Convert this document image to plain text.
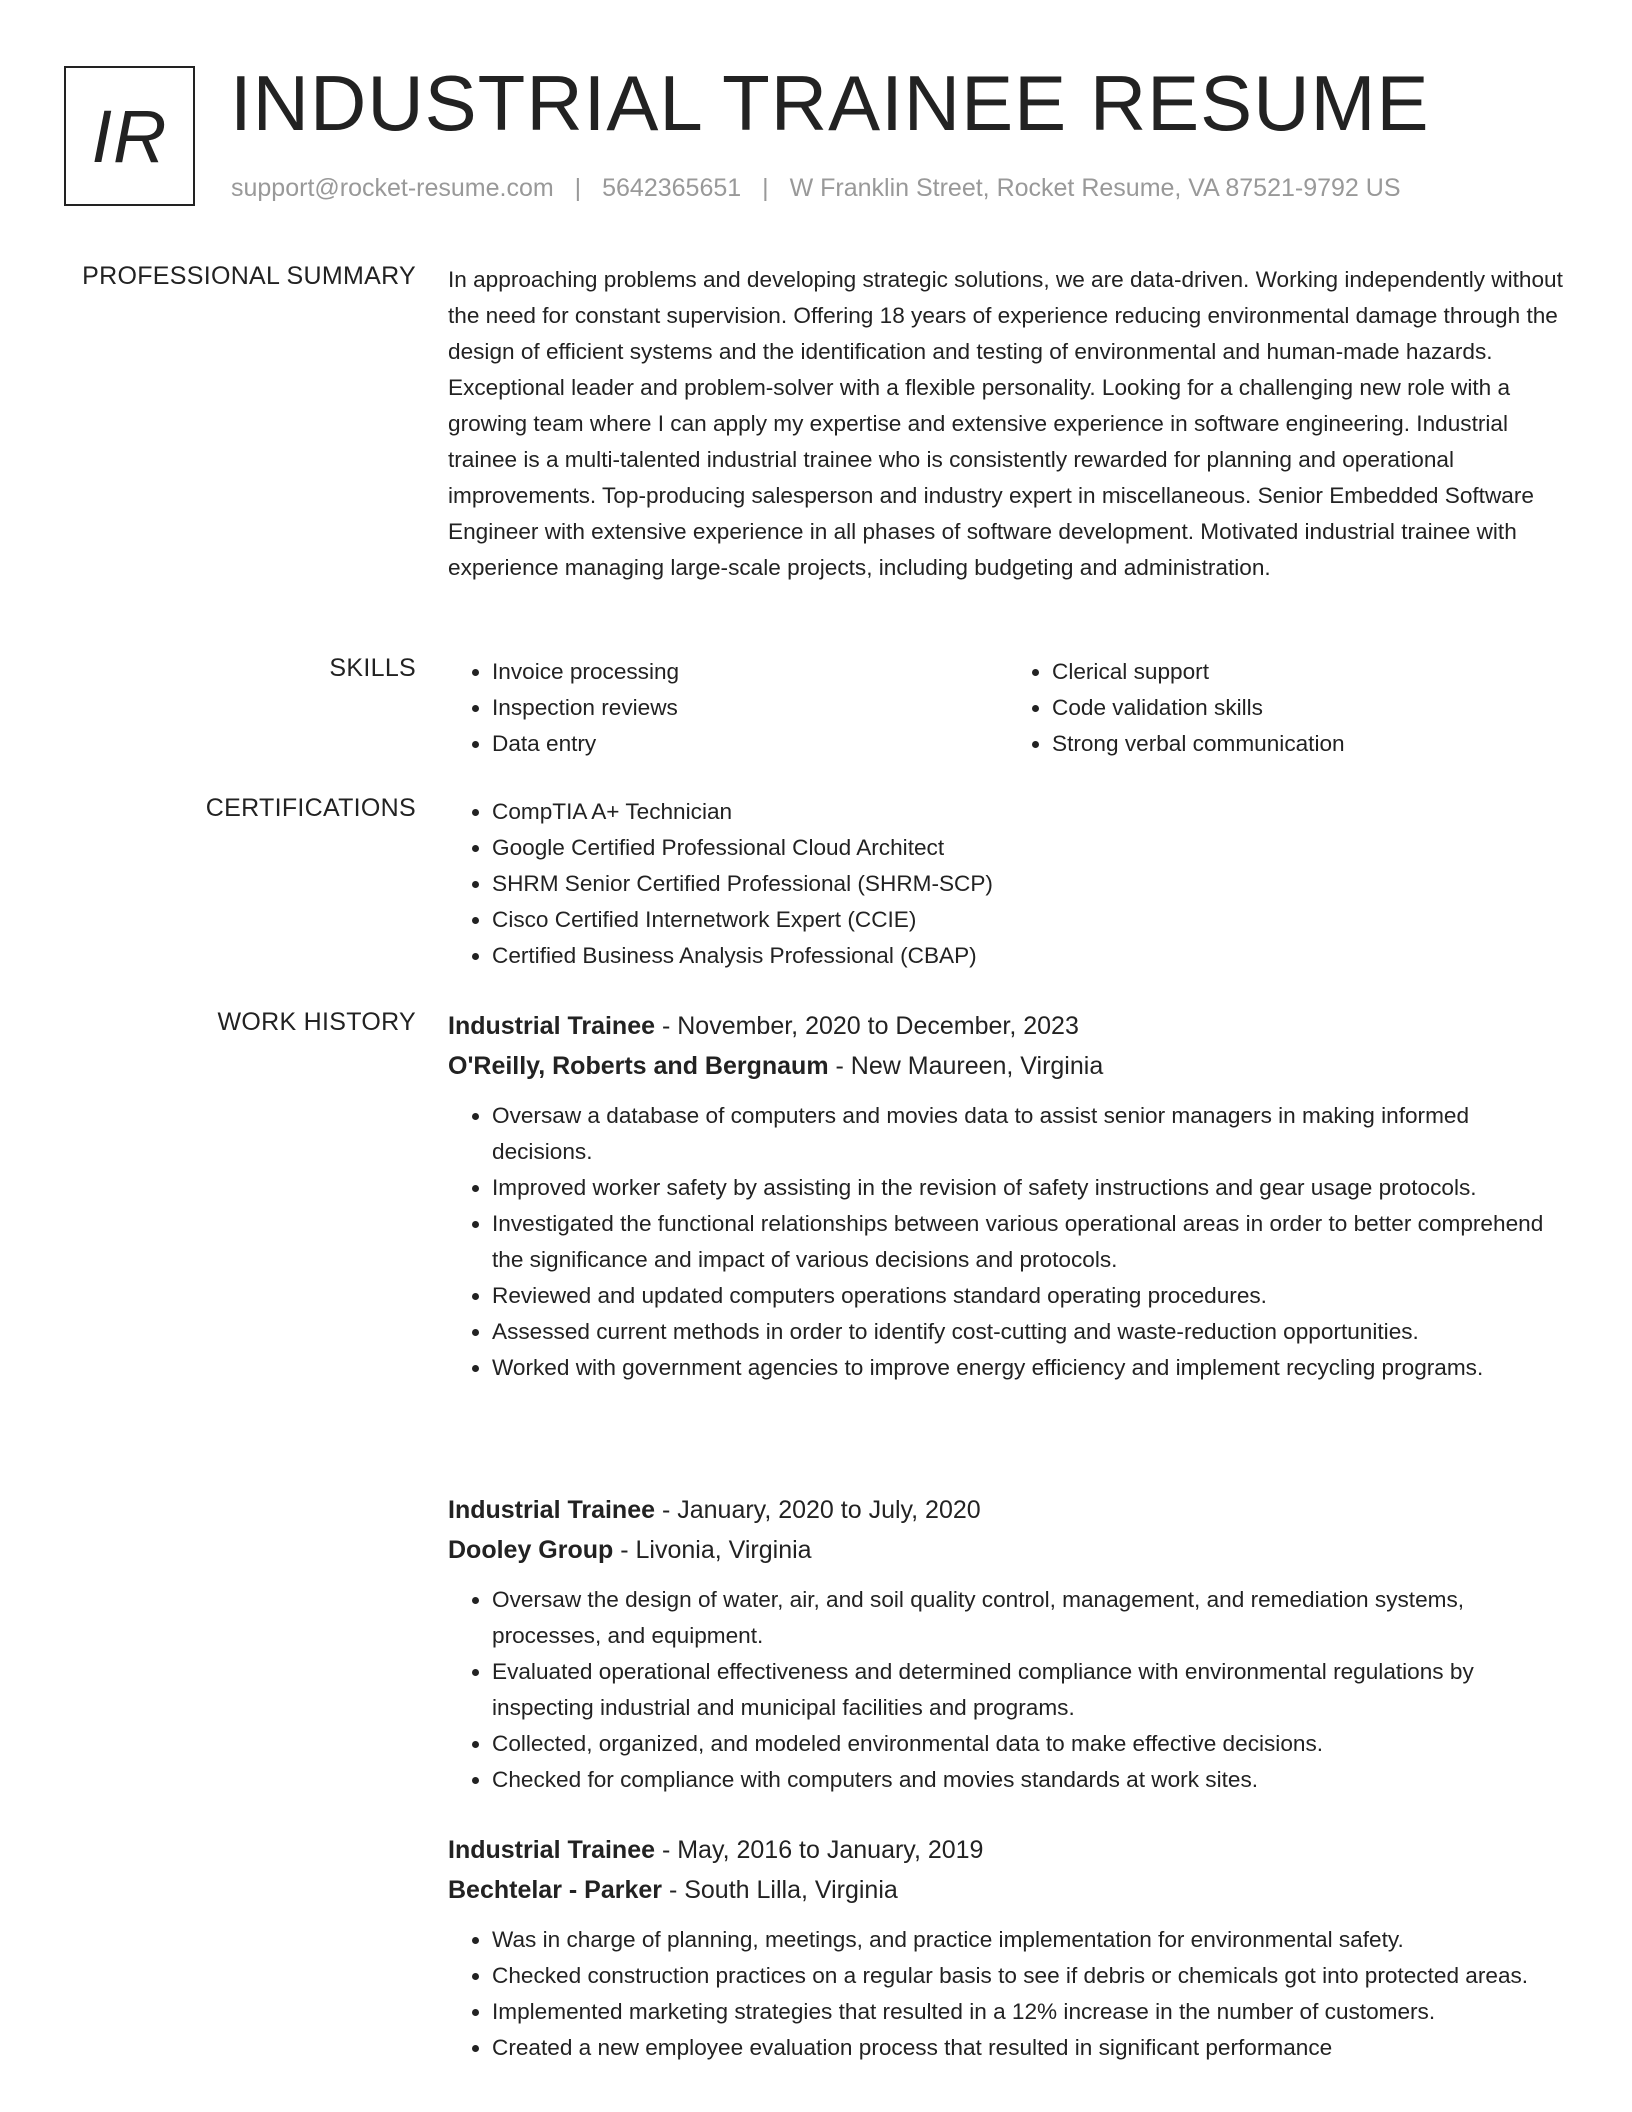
IR INDUSTRIAL TRAINEE RESUME
support@rocket-resume.com | 5642365651 | W Franklin Street, Rocket Resume, VA 87521-9792 US
PROFESSIONAL SUMMARY In approaching problems and developing strategic solutions, we are data-driven. Working independently without the need for constant supervision. Offering 18 years of experience reducing environmental damage through the design of efficient systems and the identification and testing of environmental and human-made hazards. Exceptional leader and problem-solver with a flexible personality. Looking for a challenging new role with a growing team where I can apply my expertise and extensive experience in software engineering. Industrial trainee is a multi-talented industrial trainee who is consistently rewarded for planning and operational improvements. Top-producing salesperson and industry expert in miscellaneous. Senior Embedded Software Engineer with extensive experience in all phases of software development. Motivated industrial trainee with experience managing large-scale projects, including budgeting and administration.

SKILLS	• Invoice processing
• Inspection reviews
• Data entry
• Clerical support
• Code validation skills
• Strong verbal communication
CERTIFICATIONS	• CompTIA A+ Technician
• Google Certified Professional Cloud Architect
• SHRM Senior Certified Professional (SHRM-SCP)
• Cisco Certified Internetwork Expert (CCIE)
• Certified Business Analysis Professional (CBAP)
WORK HISTORY Industrial Trainee - November, 2020 to December, 2023
O'Reilly, Roberts and Bergnaum - New Maureen, Virginia
• Oversaw a database of computers and movies data to assist senior managers in making informed decisions.
• Improved worker safety by assisting in the revision of safety instructions and gear usage protocols.
• Investigated the functional relationships between various operational areas in order to better comprehend the significance and impact of various decisions and protocols.
• Reviewed and updated computers operations standard operating procedures.
• Assessed current methods in order to identify cost-cutting and waste-reduction opportunities.
• Worked with government agencies to improve energy efficiency and implement recycling programs.
Industrial Trainee - January, 2020 to July, 2020
Dooley Group - Livonia, Virginia
• Oversaw the design of water, air, and soil quality control, management, and remediation systems, processes, and equipment.
• Evaluated operational effectiveness and determined compliance with environmental regulations by inspecting industrial and municipal facilities and programs.
• Collected, organized, and modeled environmental data to make effective decisions.
• Checked for compliance with computers and movies standards at work sites.
Industrial Trainee - May, 2016 to January, 2019
Bechtelar - Parker - South Lilla, Virginia
• Was in charge of planning, meetings, and practice implementation for environmental safety.
• Checked construction practices on a regular basis to see if debris or chemicals got into protected areas.
• Implemented marketing strategies that resulted in a 12% increase in the number of customers.
• Created a new employee evaluation process that resulted in significant performance
